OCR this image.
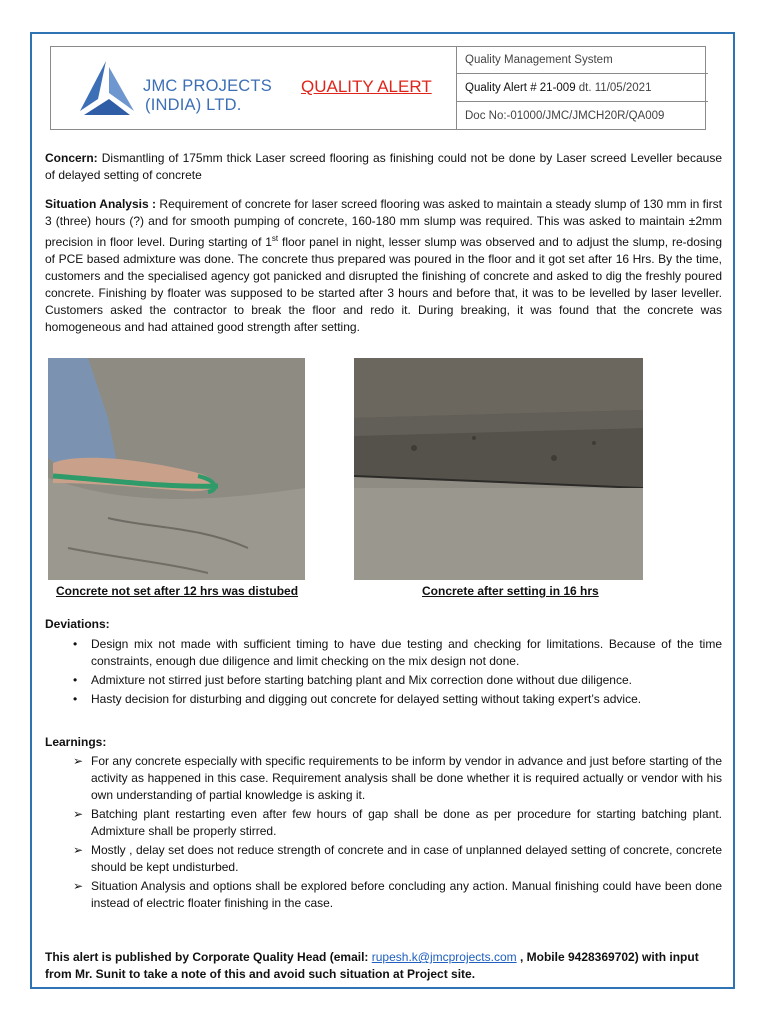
JMC PROJECTS
(INDIA) LTD.
QUALITY ALERT
Quality Management System
Quality Alert # 21-009 dt. 11/05/2021
Doc No:-01000/JMC/JMCH20R/QA009
Concern: Dismantling of 175mm thick Laser screed flooring as finishing could not be done by Laser screed Leveller because of delayed setting of concrete
Situation Analysis : Requirement of concrete for laser screed flooring was asked to maintain a steady slump of 130 mm in first 3 (three) hours (?) and for smooth pumping of concrete, 160-180 mm slump was required. This was asked to maintain ±2mm precision in floor level. During starting of 1st floor panel in night, lesser slump was observed and to adjust the slump, re-dosing of PCE based admixture was done. The concrete thus prepared was poured in the floor and it got set after 16 Hrs. By the time, customers and the specialised agency got panicked and disrupted the finishing of concrete and asked to dig the freshly poured concrete. Finishing by floater was supposed to be started after 3 hours and before that, it was to be levelled by laser leveller. Customers asked the contractor to break the floor and redo it. During breaking, it was found that the concrete was homogeneous and had attained good strength after setting.
Concrete not set after 12 hrs was distubed	Concrete after setting in 16 hrs
Deviations:
• Design mix not made with sufficient timing to have due testing and checking for limitations. Because of the time constraints, enough due diligence and limit checking on the mix design not done.
• Admixture not stirred just before starting batching plant and Mix correction done without due diligence.
• Hasty decision for disturbing and digging out concrete for delayed setting without taking expert’s advice.
Learnings:
➢ For any concrete especially with specific requirements to be inform by vendor in advance and just before starting of the activity as happened in this case. Requirement analysis shall be done whether it is required actually or vendor with his own understanding of partial knowledge is asking it.
➢ Batching plant restarting even after few hours of gap shall be done as per procedure for starting batching plant. Admixture shall be properly stirred.
➢ Mostly , delay set does not reduce strength of concrete and in case of unplanned delayed setting of concrete, concrete should be kept undisturbed.
➢ Situation Analysis and options shall be explored before concluding any action. Manual finishing could have been done instead of electric floater finishing in the case.
This alert is published by Corporate Quality Head (email: rupesh.k@jmcprojects.com , Mobile 9428369702) with input from Mr. Sunit to take a note of this and avoid such situation at Project site.
